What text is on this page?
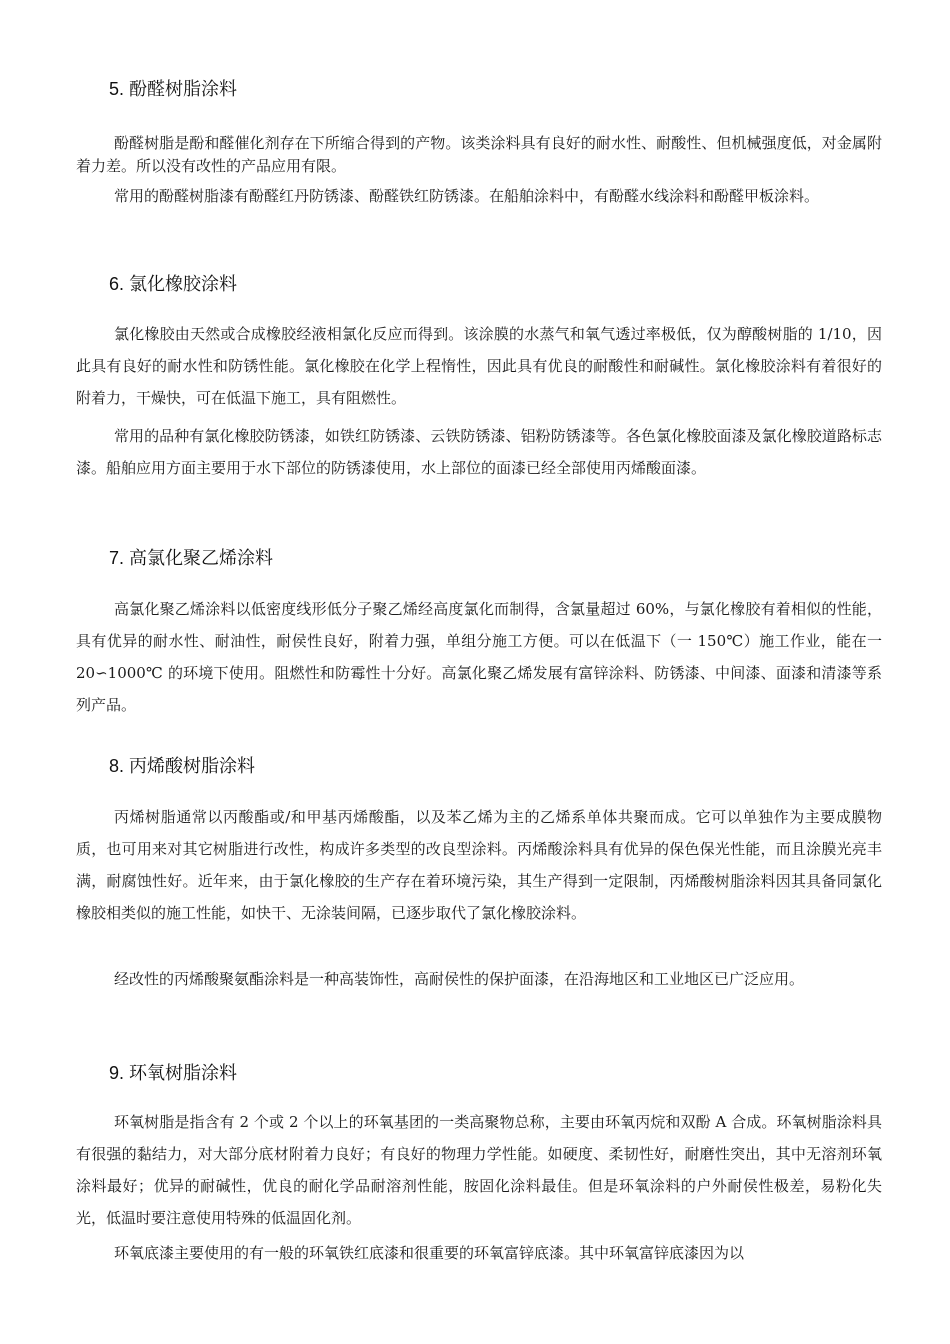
5. 酚醛树脂涂料

酚醛树脂是酚和醛催化剂存在下所缩合得到的产物。该类涂料具有良好的耐水性、耐酸性、但机械强度低，对金属附着力差。所以没有改性的产品应用有限。

常用的酚醛树脂漆有酚醛红丹防锈漆、酚醛铁红防锈漆。在船舶涂料中，有酚醛水线涂料和酚醛甲板涂料。

6. 氯化橡胶涂料

氯化橡胶由天然或合成橡胶经液相氯化反应而得到。该涂膜的水蒸气和氧气透过率极低，仅为醇酸树脂的 1/10，因此具有良好的耐水性和防锈性能。氯化橡胶在化学上程惰性，因此具有优良的耐酸性和耐碱性。氯化橡胶涂料有着很好的附着力，干燥快，可在低温下施工，具有阻燃性。

常用的品种有氯化橡胶防锈漆，如铁红防锈漆、云铁防锈漆、铝粉防锈漆等。各色氯化橡胶面漆及氯化橡胶道路标志漆。船舶应用方面主要用于水下部位的防锈漆使用，水上部位的面漆已经全部使用丙烯酸面漆。

7. 高氯化聚乙烯涂料

高氯化聚乙烯涂料以低密度线形低分子聚乙烯经高度氯化而制得，含氯量超过 60%，与氯化橡胶有着相似的性能，具有优异的耐水性、耐油性，耐侯性良好，附着力强，单组分施工方便。可以在低温下（一 150℃）施工作业，能在一 20∽1000℃ 的环境下使用。阻燃性和防霉性十分好。高氯化聚乙烯发展有富锌涂料、防锈漆、中间漆、面漆和清漆等系列产品。

8. 丙烯酸树脂涂料

丙烯树脂通常以丙酸酯或/和甲基丙烯酸酯，以及苯乙烯为主的乙烯系单体共聚而成。它可以单独作为主要成膜物质，也可用来对其它树脂进行改性，构成许多类型的改良型涂料。丙烯酸涂料具有优异的保色保光性能，而且涂膜光亮丰满，耐腐蚀性好。近年来，由于氯化橡胶的生产存在着环境污染，其生产得到一定限制，丙烯酸树脂涂料因其具备同氯化橡胶相类似的施工性能，如快干、无涂装间隔，已逐步取代了氯化橡胶涂料。

经改性的丙烯酸聚氨酯涂料是一种高装饰性，高耐侯性的保护面漆，在沿海地区和工业地区已广泛应用。

9. 环氧树脂涂料

环氧树脂是指含有 2 个或 2 个以上的环氧基团的一类高聚物总称，主要由环氧丙烷和双酚 A 合成。环氧树脂涂料具有很强的黏结力，对大部分底材附着力良好；有良好的物理力学性能。如硬度、柔韧性好，耐磨性突出，其中无溶剂环氧涂料最好；优异的耐碱性，优良的耐化学品耐溶剂性能，胺固化涂料最佳。但是环氧涂料的户外耐侯性极差，易粉化失光，低温时要注意使用特殊的低温固化剂。

环氧底漆主要使用的有一般的环氧铁红底漆和很重要的环氧富锌底漆。其中环氧富锌底漆因为以
